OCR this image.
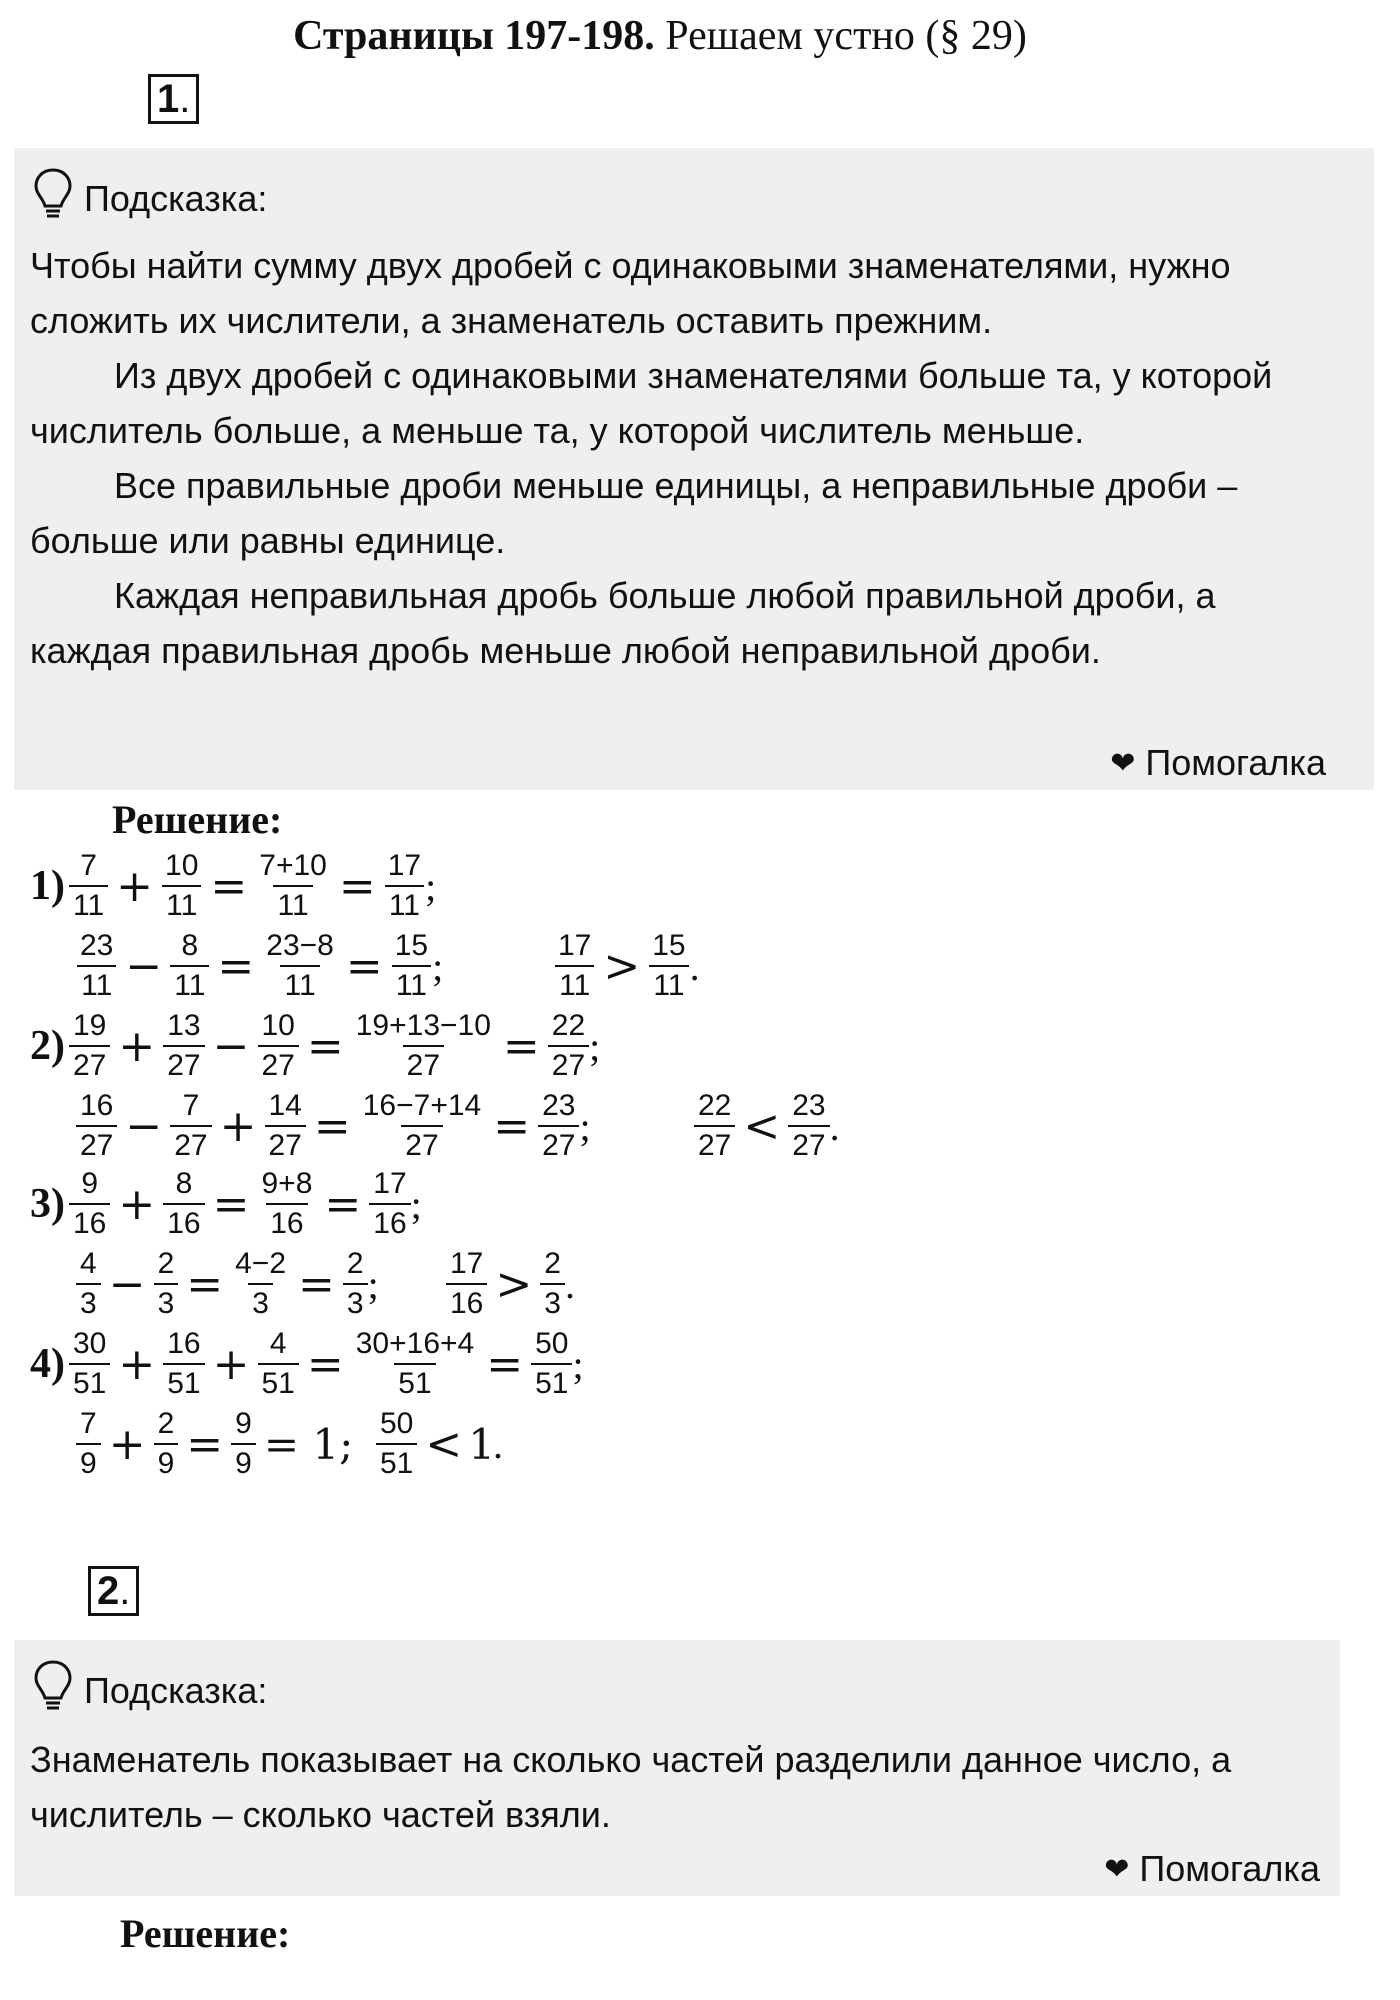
Страницы 197-198. Решаем устно (§ 29)
1.
Подсказка:

Чтобы найти сумму двух дробей с одинаковыми знаменателями, нужно сложить их числители, а знаменатель оставить прежним.

Из двух дробей с одинаковыми знаменателями больше та, у которой числитель больше, а меньше та, у которой числитель меньше.

Все правильные дроби меньше единицы, а неправильные дроби – больше или равны единице.

Каждая неправильная дробь больше любой правильной дроби, а каждая правильная дробь меньше любой неправильной дроби.

❤ Помогалка
Решение:
$1) \frac{7}{11} + \frac{10}{11} = \frac{7+10}{11} = \frac{17}{11}$ ;
$\frac{23}{11} - \frac{8}{11} = \frac{23-8}{11} = \frac{15}{11}$ ;	$\frac{17}{11} > \frac{15}{11}$ .
$2) \frac{19}{27} + \frac{13}{27} - \frac{10}{27} = \frac{19+13-10}{27} = \frac{22}{27}$ ;
$\frac{16}{27} - \frac{7}{27} + \frac{14}{27} = \frac{16-7+14}{27} = \frac{23}{27}$ ;	$\frac{22}{27} < \frac{23}{27}$ .
$3) \frac{9}{16} + \frac{8}{16} = \frac{9+8}{16} = \frac{17}{16}$ ;
$\frac{4}{3} - \frac{2}{3} = \frac{4-2}{3} = \frac{2}{3}$ ; $\frac{17}{16} > \frac{2}{3}$ .
$4) \frac{30}{51} + \frac{16}{51} + \frac{4}{51} = \frac{30+16+4}{51} = \frac{50}{51}$ ;
$\frac{7}{9} + \frac{2}{9} = \frac{9}{9} = 1$; $\frac{50}{51} < 1$
.
2.
Подсказка:

Знаменатель показывает на сколько частей разделили данное число, а числитель – сколько частей взяли.

❤ Помогалка
Решение:
